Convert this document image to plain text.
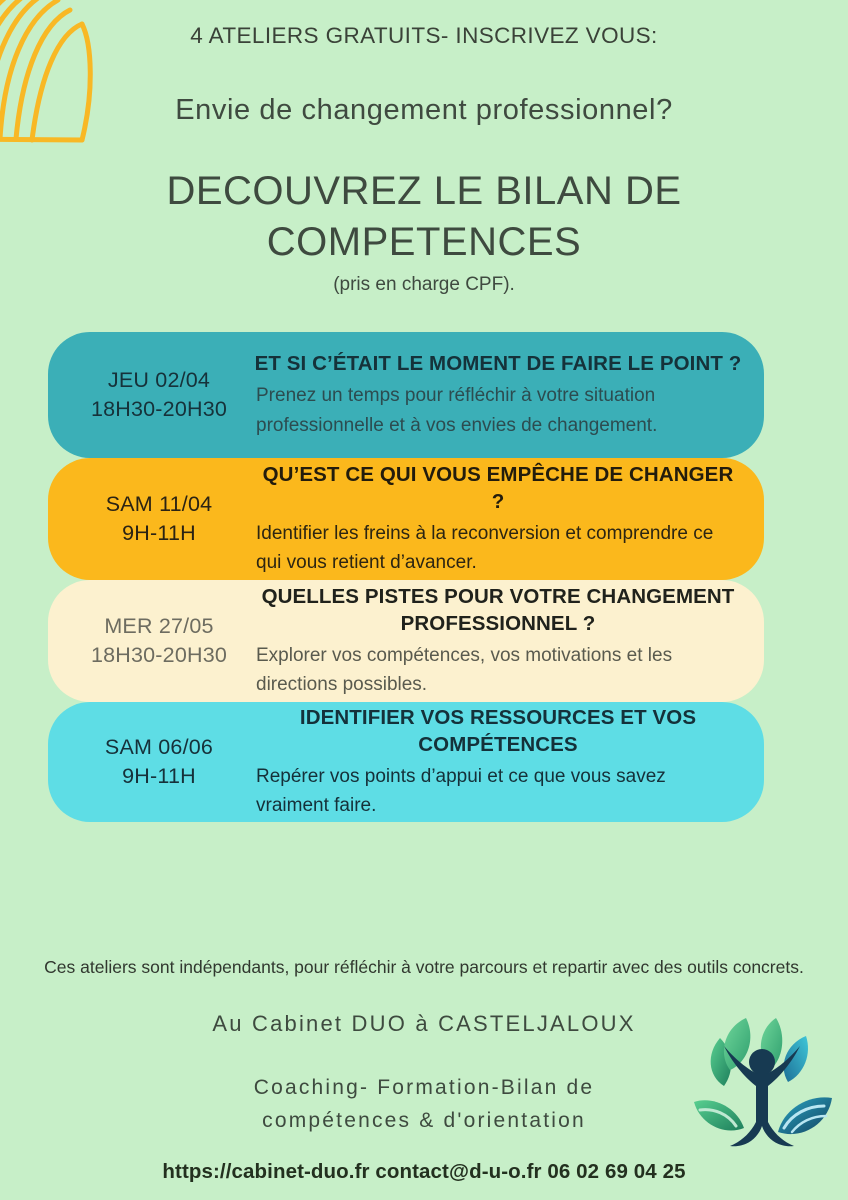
4 ATELIERS GRATUITS- INSCRIVEZ VOUS:
Envie de changement professionnel?
DECOUVREZ LE BILAN DE COMPETENCES
(pris en charge CPF).
JEU 02/04
18H30-20H30
ET SI C’ÉTAIT LE MOMENT DE FAIRE LE POINT ?
Prenez un temps pour réfléchir à votre situation professionnelle et à vos envies de changement.
SAM 11/04
9H-11H
QU’EST CE QUI VOUS EMPÊCHE DE CHANGER ?
Identifier les freins à la reconversion et comprendre ce qui vous retient d’avancer.
MER 27/05
18H30-20H30
QUELLES PISTES POUR VOTRE CHANGEMENT PROFESSIONNEL ?
Explorer vos compétences, vos motivations et les directions possibles.
SAM 06/06
9H-11H
IDENTIFIER VOS RESSOURCES ET VOS COMPÉTENCES
Repérer vos points d’appui et ce que vous savez vraiment faire.
Ces ateliers sont indépendants, pour réfléchir à votre parcours et repartir avec des outils concrets.
Au Cabinet DUO à CASTELJALOUX
Coaching- Formation-Bilan de
compétences & d'orientation
https://cabinet-duo.fr contact@d-u-o.fr 06 02 69 04 25
